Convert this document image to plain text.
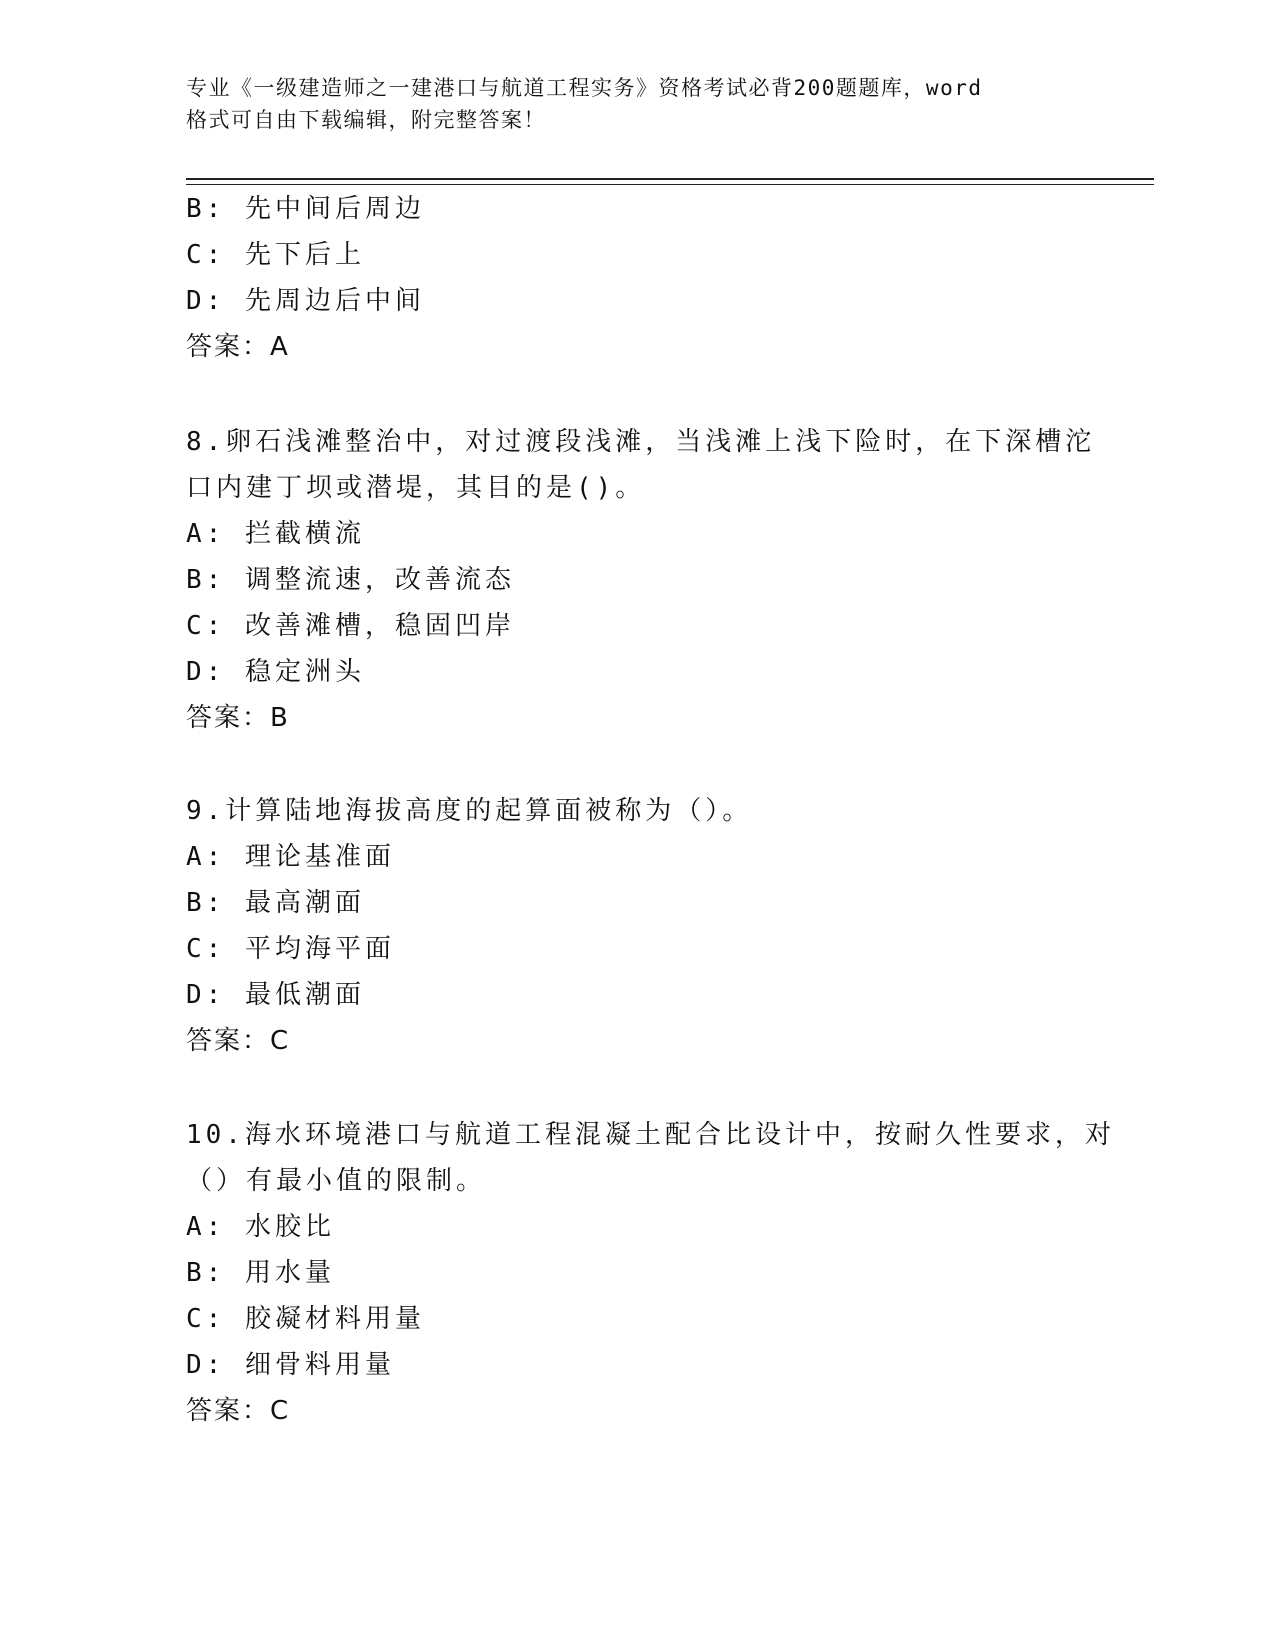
专业《一级建造师之一建港口与航道工程实务》资格考试必背200题题库，word
格式可自由下载编辑，附完整答案！
B: 先中间后周边
C: 先下后上
D: 先周边后中间
答案：A
8.卵石浅滩整治中，对过渡段浅滩，当浅滩上浅下险时，在下深槽沱
口内建丁坝或潜堤，其目的是()。
A: 拦截横流
B: 调整流速，改善流态
C: 改善滩槽，稳固凹岸
D: 稳定洲头
答案：B
9.计算陆地海拔高度的起算面被称为（）。
A: 理论基准面
B: 最高潮面
C: 平均海平面
D: 最低潮面
答案：C
10.海水环境港口与航道工程混凝土配合比设计中，按耐久性要求，对
（）有最小值的限制。
A: 水胶比
B: 用水量
C: 胶凝材料用量
D: 细骨料用量
答案：C
